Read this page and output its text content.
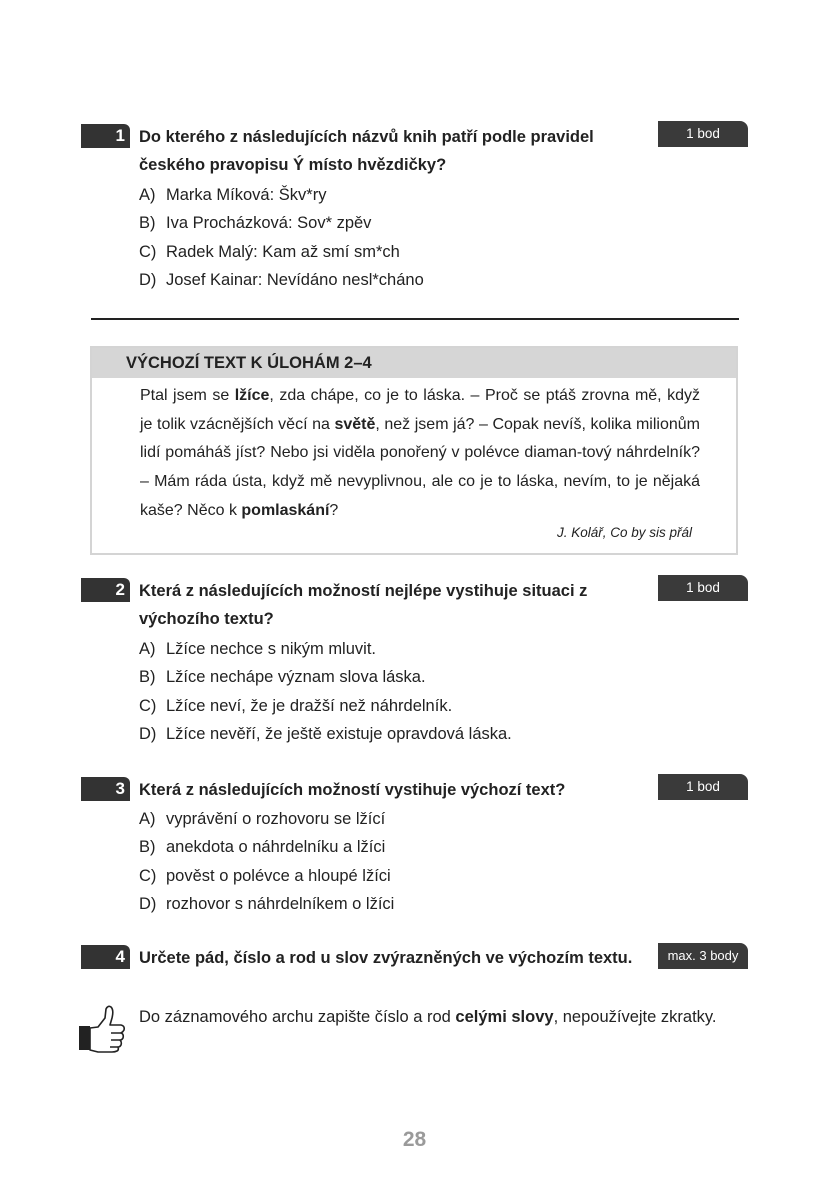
1 Do kterého z následujících názvů knih patří podle pravidel českého pravopisu Ý místo hvězdičky?
1 bod
A) Marka Míková: Škv*ry
B) Iva Procházková: Sov* zpěv
C) Radek Malý: Kam až smí sm*ch
D) Josef Kainar: Nevídáno nesl*cháno
VÝCHOZÍ TEXT K ÚLOHÁM 2–4
Ptal jsem se lžíce, zda chápe, co je to láska. – Proč se ptáš zrovna mě, když je tolik vzácnějších věcí na světě, než jsem já? – Copak nevíš, kolika milionům lidí pomáháš jíst? Nebo jsi viděla ponořený v polévce diaman-tový náhrdelník? – Mám ráda ústa, když mě nevyplivnou, ale co je to láska, nevím, to je nějaká kaše? Něco k pomlaskání?
J. Kolář, Co by sis přál
2 Která z následujících možností nejlépe vystihuje situaci z výchozího textu?
1 bod
A) Lžíce nechce s nikým mluvit.
B) Lžíce nechápe význam slova láska.
C) Lžíce neví, že je dražší než náhrdelník.
D) Lžíce nevěří, že ještě existuje opravdová láska.
3 Která z následujících možností vystihuje výchozí text?	1 bod
A) vyprávění o rozhovoru se lžící
B) anekdota o náhrdelníku a lžíci
C) pověst o polévce a hloupé lžíci
D) rozhovor s náhrdelníkem o lžíci
4 Určete pád, číslo a rod u slov zvýrazněných ve výchozím textu.	max. 3 body
Do záznamového archu zapište číslo a rod celými slovy, nepoužívejte zkratky.
28
